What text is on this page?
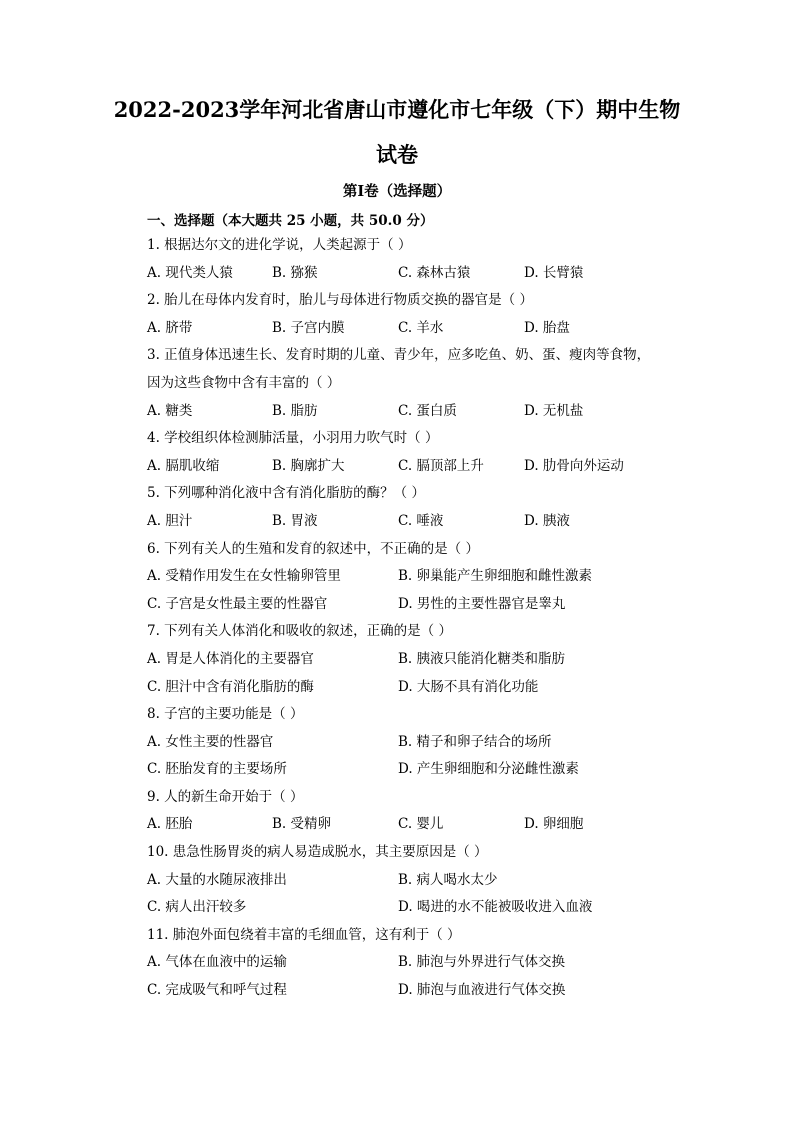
2022-2023学年河北省唐山市遵化市七年级（下）期中生物
试卷
第Ⅰ卷（选择题）
一、选择题（本大题共 25 小题，共 50.0 分）
1. 根据达尔文的进化学说，人类起源于（ ）
A. 现代类人猿	B. 猕猴	C. 森林古猿	D. 长臂猿
2. 胎儿在母体内发育时，胎儿与母体进行物质交换的器官是（ ）
A. 脐带	B. 子宫内膜	C. 羊水	D. 胎盘
3. 正值身体迅速生长、发育时期的儿童、青少年，应多吃鱼、奶、蛋、瘦肉等食物，
因为这些食物中含有丰富的（ ）
A. 糖类	B. 脂肪	C. 蛋白质	D. 无机盐
4. 学校组织体检测肺活量，小羽用力吹气时（ ）
A. 膈肌收缩	B. 胸廓扩大	C. 膈顶部上升	D. 肋骨向外运动
5. 下列哪种消化液中含有消化脂肪的酶？（ ）
A. 胆汁	B. 胃液	C. 唾液	D. 胰液
6. 下列有关人的生殖和发育的叙述中，不正确的是（ ）
A. 受精作用发生在女性输卵管里	B. 卵巢能产生卵细胞和雌性激素
C. 子宫是女性最主要的性器官	D. 男性的主要性器官是睾丸
7. 下列有关人体消化和吸收的叙述，正确的是（ ）
A. 胃是人体消化的主要器官	B. 胰液只能消化糖类和脂肪
C. 胆汁中含有消化脂肪的酶	D. 大肠不具有消化功能
8. 子宫的主要功能是（ ）
A. 女性主要的性器官	B. 精子和卵子结合的场所
C. 胚胎发育的主要场所	D. 产生卵细胞和分泌雌性激素
9. 人的新生命开始于（ ）
A. 胚胎	B. 受精卵	C. 婴儿	D. 卵细胞
10. 患急性肠胃炎的病人易造成脱水，其主要原因是（ ）
A. 大量的水随尿液排出	B. 病人喝水太少
C. 病人出汗较多	D. 喝进的水不能被吸收进入血液
11. 肺泡外面包绕着丰富的毛细血管，这有利于（ ）
A. 气体在血液中的运输	B. 肺泡与外界进行气体交换
C. 完成吸气和呼气过程	D. 肺泡与血液进行气体交换
